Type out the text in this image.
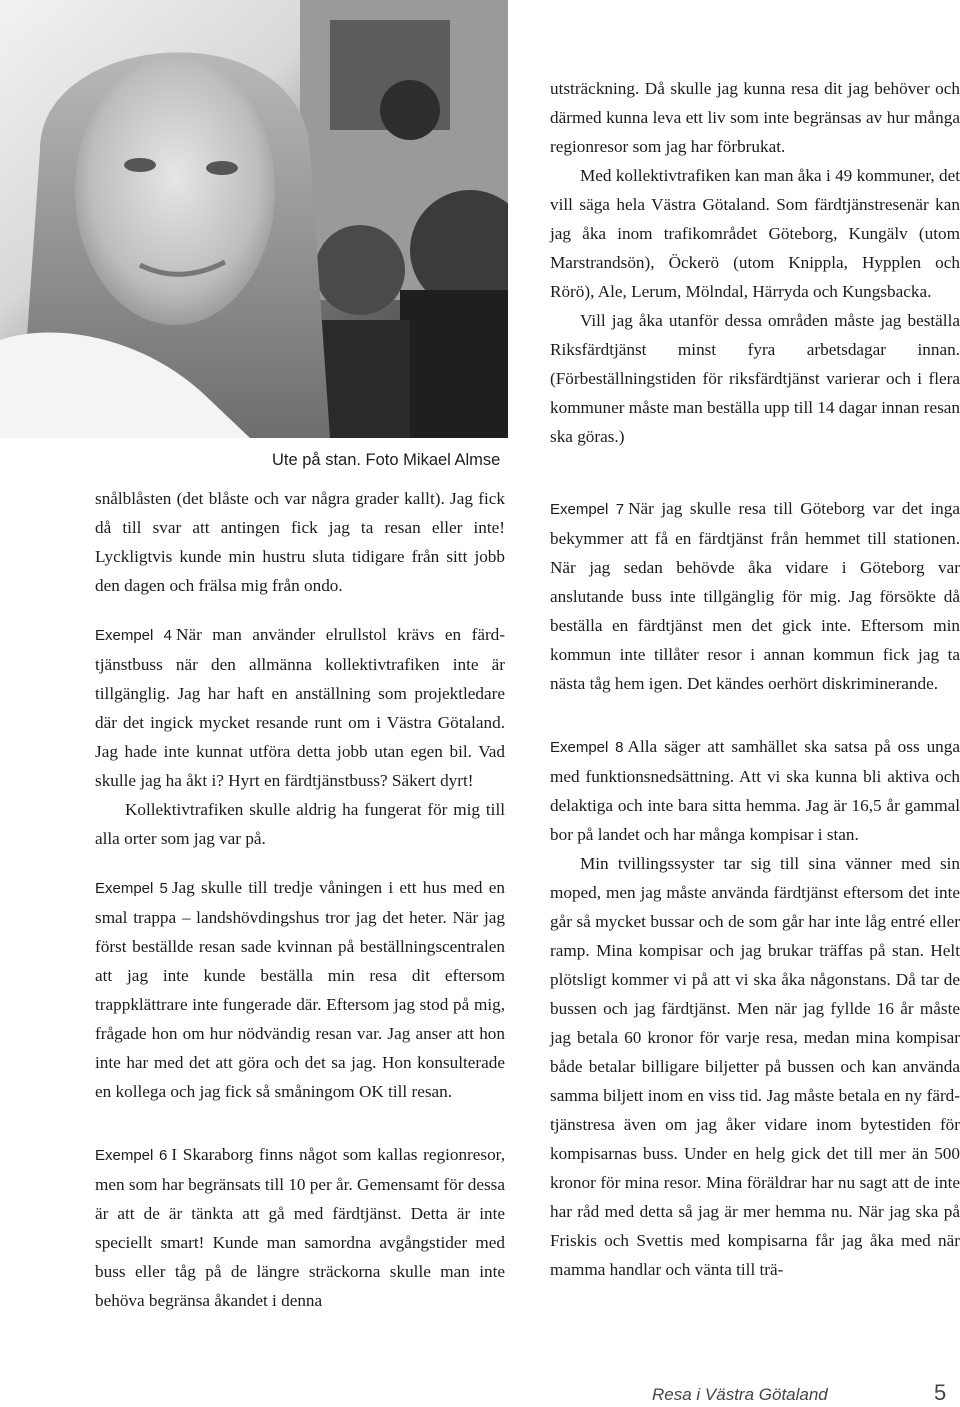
Ute på stan. Foto Mikael Almse

snålblåsten (det blåste och var några grader kallt). Jag fick då till svar att antingen fick jag ta resan eller inte! Lyckligtvis kunde min hustru sluta tidigare från sitt jobb den dagen och frälsa mig från ondo.

Exempel 4 När man använder elrullstol krävs en färdtjänstbuss när den allmänna kollektivtrafiken inte är tillgänglig. Jag har haft en anställning som projektledare där det ingick mycket resande runt om i Västra Götaland. Jag hade inte kunnat utföra detta jobb utan egen bil. Vad skulle jag ha åkt i? Hyrt en färdtjänstbuss? Säkert dyrt!

Kollektivtrafiken skulle aldrig ha fungerat för mig till alla orter som jag var på.

Exempel 5 Jag skulle till tredje våningen i ett hus med en smal trappa – landshövdingshus tror jag det heter. När jag först beställde resan sade kvinnan på beställningscentralen att jag inte kunde beställa min resa dit eftersom trappklättrare inte fungerade där. Eftersom jag stod på mig, frågade hon om hur nödvändig resan var. Jag anser att hon inte har med det att göra och det sa jag. Hon konsulterade en kollega och jag fick så småningom OK till resan.

Exempel 6 I Skaraborg finns något som kallas regionresor, men som har begränsats till 10 per år. Gemensamt för dessa är att de är tänkta att gå med färdtjänst. Detta är inte speciellt smart! Kunde man samordna avgångstider med buss eller tåg på de längre sträckorna skulle man inte behöva begränsa åkandet i denna

utsträckning. Då skulle jag kunna resa dit jag behöver och därmed kunna leva ett liv som inte begränsas av hur många regionresor som jag har förbrukat.

Med kollektivtrafiken kan man åka i 49 kommuner, det vill säga hela Västra Götaland. Som färdtjänstresenär kan jag åka inom trafikområdet Göteborg, Kungälv (utom Marstrandsön), Öckerö (utom Knippla, Hypplen och Rörö), Ale, Lerum, Mölndal, Härryda och Kungsbacka.

Vill jag åka utanför dessa områden måste jag beställa Riksfärdtjänst minst fyra arbetsdagar innan. (Förbeställningstiden för riksfärdtjänst varierar och i flera kommuner måste man beställa upp till 14 dagar innan resan ska göras.)

Exempel 7 När jag skulle resa till Göteborg var det inga bekymmer att få en färdtjänst från hemmet till stationen. När jag sedan behövde åka vidare i Göteborg var anslutande buss inte tillgänglig för mig. Jag försökte då beställa en färdtjänst men det gick inte. Eftersom min kommun inte tillåter resor i annan kommun fick jag ta nästa tåg hem igen. Det kändes oerhört diskriminerande.

Exempel 8 Alla säger att samhället ska satsa på oss unga med funktionsnedsättning. Att vi ska kunna bli aktiva och delaktiga och inte bara sitta hemma. Jag är 16,5 år gammal bor på landet och har många kompisar i stan.

Min tvillingssyster tar sig till sina vänner med sin moped, men jag måste använda färdtjänst eftersom det inte går så mycket bussar och de som går har inte låg entré eller ramp. Mina kompisar och jag brukar träffas på stan. Helt plötsligt kommer vi på att vi ska åka någonstans. Då tar de bussen och jag färdtjänst. Men när jag fyllde 16 år måste jag betala 60 kronor för varje resa, medan mina kompisar både betalar billigare biljetter på bussen och kan använda samma biljett inom en viss tid. Jag måste betala en ny färdtjänstresa även om jag åker vidare inom bytestiden för kompisarnas buss. Under en helg gick det till mer än 500 kronor för mina resor. Mina föräldrar har nu sagt att de inte har råd med detta så jag är mer hemma nu. När jag ska på Friskis och Svettis med kompisarna får jag åka med när mamma handlar och vänta till trä-

Resa i Västra Götaland	5
